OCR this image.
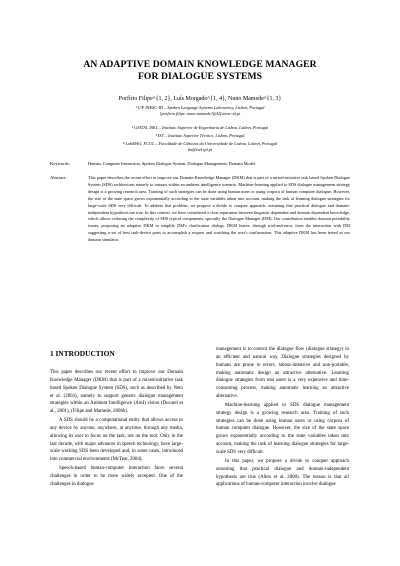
AN ADAPTIVE DOMAIN KNOWLEDGE MANAGER
FOR DIALOGUE SYSTEMS
Porfírio Filipe^{1, 2}, Luís Morgado^{1, 4}, Nuno Mamede^{1, 3}
¹ L²F INESC-ID – Spoken Language Systems Laboratory, Lisbon, Portugal
{porfirio.filipe, nuno.mamede}@l2f.inesc-id.pt
² GIATSI, ISEL – Instituto Superior de Engenharia de Lisboa, Lisbon, Portugal
³ IST – Instituto Superior Técnico, Lisbon, Portugal
⁴ LabMAG, FCUL – Faculdade de Ciências da Universidade de Lisboa, Lisbon, Portugal
lm@isel.ipl.pt
Keywords:	Human–Computer Interaction, Spoken Dialogue System, Dialogue Management, Domain Model.
Abstract:	This paper describes the recent effort to improve our Domain Knowledge Manager (DKM) that is part of a mixed-initiative task based Spoken Dialogue System (SDS) architecture, namely to interact within an ambient intelligence scenario. Machine-learning applied to SDS dialogue management strategy design is a growing research area. Training of such strategies can be done using human users or using corpora of human computer dialogue. However, the size of the state space grows exponentially according to the state variables taken into account, making the task of learning dialogue strategies for large-scale SDS very difficult. To address that problem, we propose a divide to conquer approach, assuming that practical dialogue and domain-independent hypothesis are true. In this context, we have considered a clear separation between linguistic dependent and domain dependent knowledge, which allows reducing the complexity of SDS typical components, specially the Dialogue Manager (DM). Our contribution enables domain portability issues, proposing an adaptive DKM to simplify DM's clarification dialogs. DKM learns, through trial-and-error, from the interaction with DM suggesting a set of best task-device pairs to accomplish a request and watching the user's confirmation. This adaptive DKM has been tested in our domain simulator.
1 INTRODUCTION

This paper describes our recent effort to improve our Domain Knowledge Manager (DKM) that is part of a mixed-initiative task based Spoken Dialogue System (SDS), such as described by Neto et al. (2003), namely to support generic dialogue management strategies within an Ambient Intelligence (AmI) vision (Ducatel et al., 2001), (Filipe and Mamede, 2006b).

A SDS should be a computational entity that allows access to any device by anyone, anywhere, at anytime, through any media, allowing its user to focus on the task, not on the tool. Only in the last decade, with major advances in speech technology, have large-scale working SDS been developed and, in some cases, introduced into commercial environments (McTear, 2004).

Speech-based human-computer interaction faces several challenges in order to be more widely accepted. One of the challenges in dialogue

management is to control the dialogue flow (dialogue strategy) in an efficient and natural way. Dialogue strategies designed by humans are prone to errors, labour-intensive and non-portable, making automatic design an attractive alternative. Learning dialogue strategies from real users is a very expensive and time-consuming process, making automatic learning an attractive alternative.

Machine-learning applied to SDS dialogue management strategy design is a growing research area. Training of such strategies can be done using human users or using corpora of human computer dialogue. However, the size of the state space grows exponentially according to the state variables taken into account, making the task of learning dialogue strategies for large-scale SDS very difficult.

In this paper, we propose a divide to conquer approach assuming that practical dialogue and domain-independent hypothesis are true (Allen et al. 2000). The reason is that all applications of human-computer interaction involve dialogue
